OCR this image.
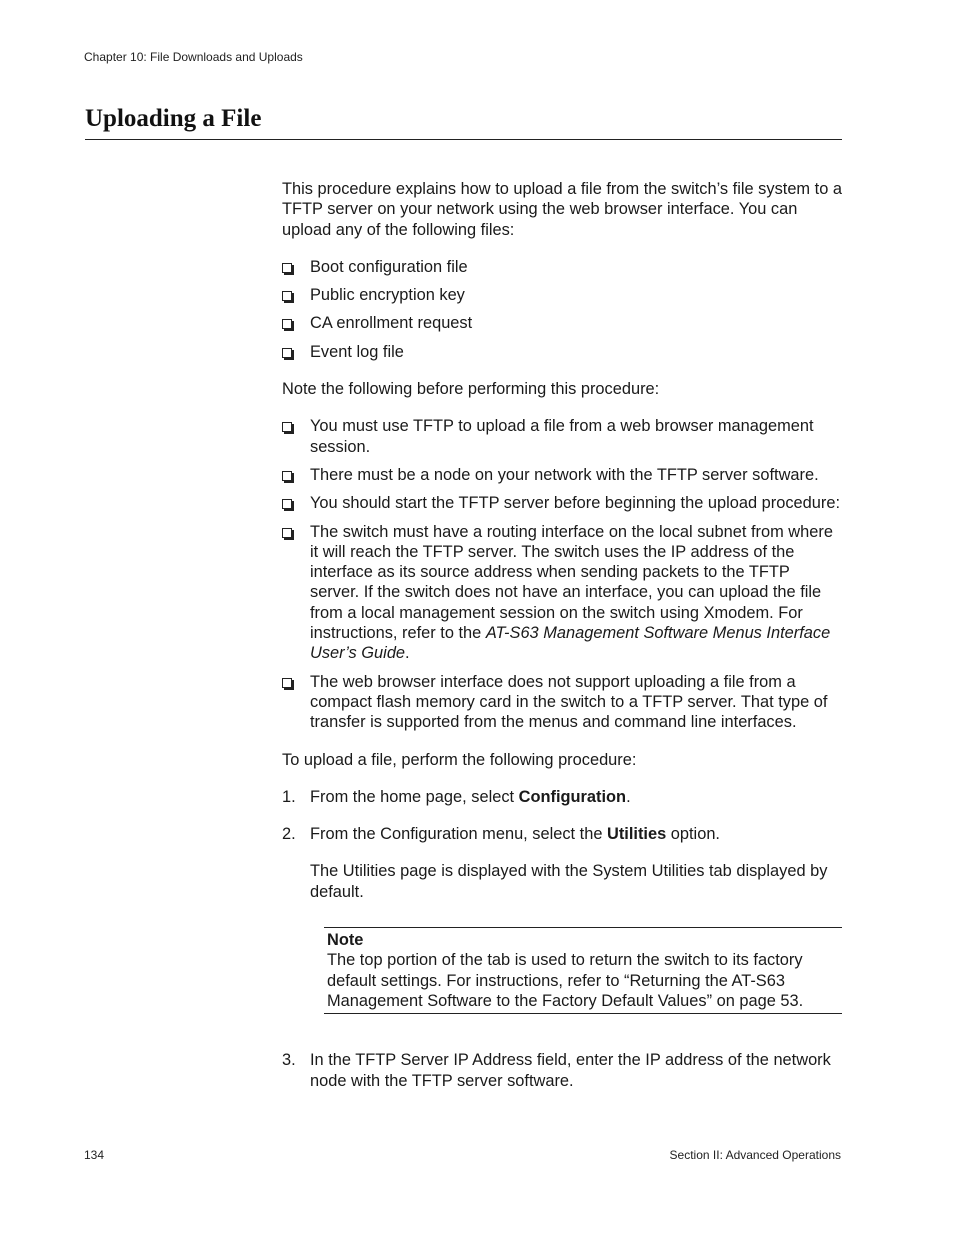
Chapter 10: File Downloads and Uploads
Uploading a File

This procedure explains how to upload a file from the switch’s file system to a TFTP server on your network using the web browser interface. You can upload any of the following files:

Boot configuration file
Public encryption key
CA enrollment request
Event log file

Note the following before performing this procedure:

You must use TFTP to upload a file from a web browser management session.
There must be a node on your network with the TFTP server software.
You should start the TFTP server before beginning the upload procedure:
The switch must have a routing interface on the local subnet from where it will reach the TFTP server. The switch uses the IP address of the interface as its source address when sending packets to the TFTP server. If the switch does not have an interface, you can upload the file from a local management session on the switch using Xmodem. For instructions, refer to the AT-S63 Management Software Menus Interface User’s Guide.
The web browser interface does not support uploading a file from a compact flash memory card in the switch to a TFTP server. That type of transfer is supported from the menus and command line interfaces.

To upload a file, perform the following procedure:

1. From the home page, select Configuration.
2. From the Configuration menu, select the Utilities option.

The Utilities page is displayed with the System Utilities tab displayed by default.

Note
The top portion of the tab is used to return the switch to its factory default settings. For instructions, refer to “Returning the AT-S63 Management Software to the Factory Default Values” on page 53.
3. In the TFTP Server IP Address field, enter the IP address of the network node with the TFTP server software.
134	Section II: Advanced Operations
